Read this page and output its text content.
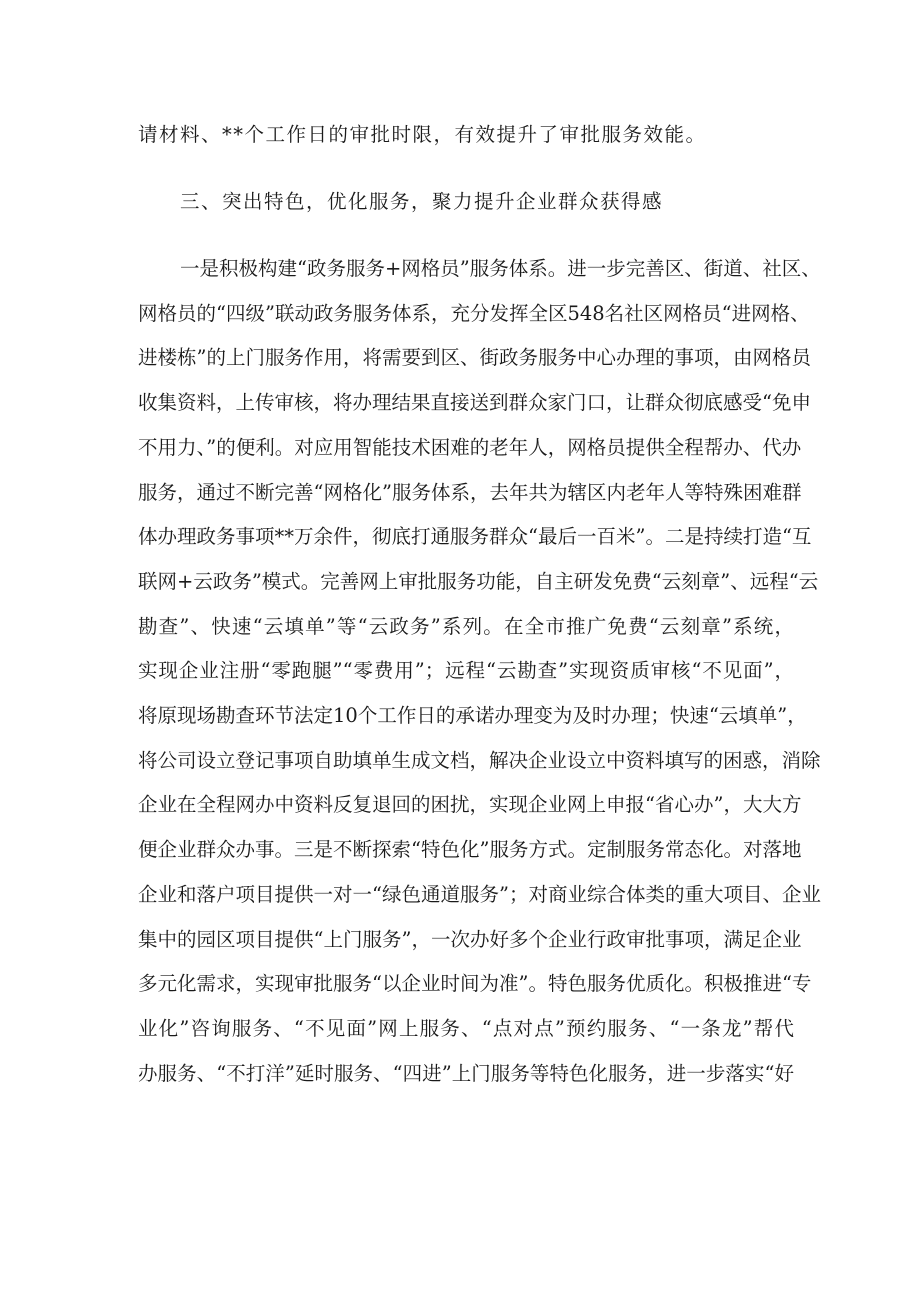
请材料、**个工作日的审批时限，有效提升了审批服务效能。
三、突出特色，优化服务，聚力提升企业群众获得感
一是积极构建“政务服务+网格员”服务体系。进一步完善区、街道、社区、
网格员的“四级”联动政务服务体系，充分发挥全区548名社区网格员“进网格、
进楼栋”的上门服务作用，将需要到区、街政务服务中心办理的事项，由网格员
收集资料，上传审核，将办理结果直接送到群众家门口，让群众彻底感受“免申
不用力、”的便利。对应用智能技术困难的老年人，网格员提供全程帮办、代办
服务，通过不断完善“网格化”服务体系，去年共为辖区内老年人等特殊困难群
体办理政务事项**万余件，彻底打通服务群众“最后一百米”。二是持续打造“互
联网+云政务”模式。完善网上审批服务功能，自主研发免费“云刻章”、远程“云
勘查”、快速“云填单”等“云政务”系列。在全市推广免费“云刻章”系统，
实现企业注册“零跑腿”“零费用”；远程“云勘查”实现资质审核“不见面”，
将原现场勘查环节法定10个工作日的承诺办理变为及时办理；快速“云填单”，
将公司设立登记事项自助填单生成文档，解决企业设立中资料填写的困惑，消除
企业在全程网办中资料反复退回的困扰，实现企业网上申报“省心办”，大大方
便企业群众办事。三是不断探索“特色化”服务方式。定制服务常态化。对落地
企业和落户项目提供一对一“绿色通道服务”；对商业综合体类的重大项目、企业
集中的园区项目提供“上门服务”，一次办好多个企业行政审批事项，满足企业
多元化需求，实现审批服务“以企业时间为准”。特色服务优质化。积极推进“专
业化”咨询服务、“不见面”网上服务、“点对点”预约服务、“一条龙”帮代
办服务、“不打洋”延时服务、“四进”上门服务等特色化服务，进一步落实“好
